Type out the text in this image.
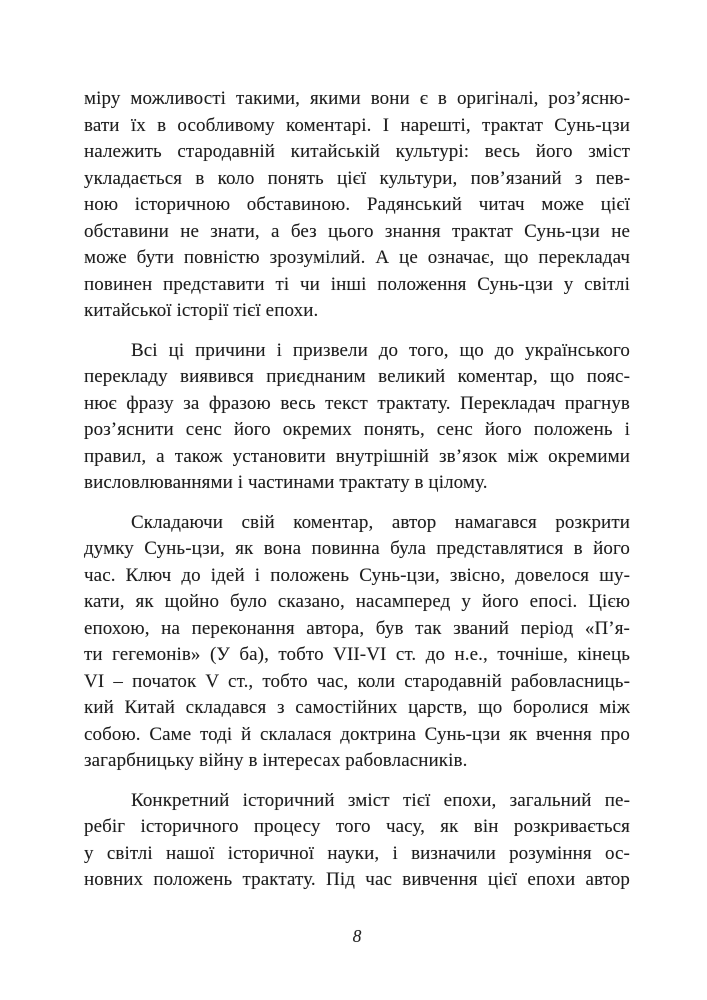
міру можливості такими, якими вони є в оригіналі, роз’ясню-
вати їх в особливому коментарі. І нарешті, трактат Сунь-цзи
належить стародавній китайській культурі: весь його зміст
укладається в коло понять цієї культури, пов’язаний з пев-
ною історичною обставиною. Радянський читач може цієї
обставини не знати, а без цього знання трактат Сунь-цзи не
може бути повністю зрозумілий. А це означає, що перекладач
повинен представити ті чи інші положення Сунь-цзи у світлі
китайської історії тієї епохи.
Всі ці причини і призвели до того, що до українського
перекладу виявився приєднаним великий коментар, що пояс-
нює фразу за фразою весь текст трактату. Перекладач прагнув
роз’яснити сенс його окремих понять, сенс його положень і
правил, а також установити внутрішній зв’язок між окремими
висловлюваннями і частинами трактату в цілому.
Складаючи свій коментар, автор намагався розкрити
думку Сунь-цзи, як вона повинна була представлятися в його
час. Ключ до ідей і положень Сунь-цзи, звісно, довелося шу-
кати, як щойно було сказано, насамперед у його епосі. Цією
епохою, на переконання автора, був так званий період «П’я-
ти гегемонів» (У ба), тобто VII-VI ст. до н.е., точніше, кінець
VI – початок V ст., тобто час, коли стародавній рабовласниць-
кий Китай складався з самостійних царств, що боролися між
собою. Саме тоді й склалася доктрина Сунь-цзи як вчення про
загарбницьку війну в інтересах рабовласників.
Конкретний історичний зміст тієї епохи, загальний пе-
ребіг історичного процесу того часу, як він розкривається
у світлі нашої історичної науки, і визначили розуміння ос-
новних положень трактату. Під час вивчення цієї епохи автор
8
